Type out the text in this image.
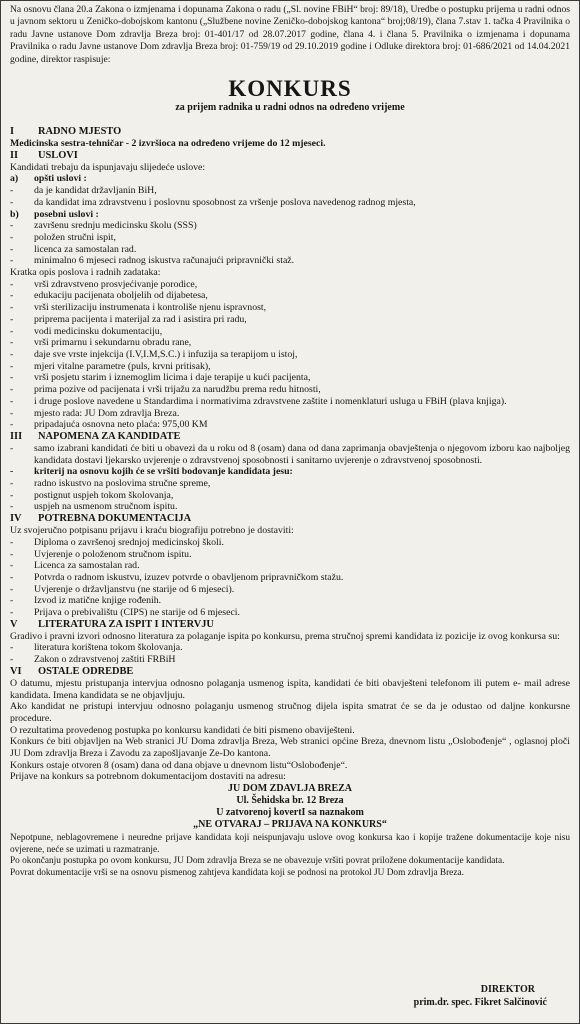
Na osnovu člana 20.a Zakona o izmjenama i dopunama Zakona o radu („Sl. novine FBiH“ broj: 89/18), Uredbe o postupku prijema u radni odnos u javnom sektoru u Zeničko-dobojskom kantonu („Službene novine Zeničko-dobojskog kantona“ broj;08/19), člana 7.stav 1. tačka 4 Pravilnika o radu Javne ustanove Dom zdravlja Breza broj: 01-401/17 od 28.07.2017 godine, člana 4. i člana 5. Pravilnika o izmjenama i dopunama Pravilnika o radu Javne ustanove Dom zdravlja Breza broj: 01-759/19 od 29.10.2019 godine i Odluke direktora broj: 01-686/2021 od 14.04.2021 godine, direktor raspisuje:

KONKURS
za prijem radnika u radni odnos na određeno vrijeme
I	RADNO MJESTO

Medicinska sestra-tehničar - 2 izvršioca na određeno vrijeme do 12 mjeseci.

II	USLOVI

Kandidati trebaju da ispunjavaju slijedeće uslove:

a)	opšti uslovi :
-	da je kandidat državljanin BiH,
-	da kandidat ima zdravstvenu i poslovnu sposobnost za vršenje poslova navedenog radnog mjesta,
b)	posebni uslovi :
-	završenu srednju medicinsku školu (SSS)
-	položen stručni ispit,
-	licenca za samostalan rad.
-	minimalno 6 mjeseci radnog iskustva računajući pripravnički staž.

Kratka opis poslova i radnih zadataka:

-	vrši zdravstveno prosvjećivanje porodice,
-	edukaciju pacijenata oboljelih od dijabetesa,
-	vrši sterilizaciju instrumenata i kontroliše njenu ispravnost,
-	priprema pacijenta i materijal za rad i asistira pri radu,
-	vodi medicinsku dokumentaciju,
-	vrši primarnu i sekundarnu obradu rane,
-	daje sve vrste injekcija (I.V,I.M,S.C.) i infuzija sa terapijom u istoj,
-	mjeri vitalne parametre (puls, krvni pritisak),
-	vrši posjetu starim i iznemoglim licima i daje terapije u kući pacijenta,
-	prima pozive od pacijenata i vrši trijažu za narudžbu prema redu hitnosti,
-	i druge poslove navedene u Standardima i normativima zdravstvene zaštite i nomenklaturi usluga u FBiH (plava knjiga).
-	mjesto rada: JU Dom zdravlja Breza.
-	pripadajuća osnovna neto plaća: 975,00 KM
III	NAPOMENA ZA KANDIDATE
-	samo izabrani kandidati će biti u obavezi da u roku od 8 (osam) dana od dana zaprimanja obavještenja o njegovom izboru kao najboljeg kandidata dostavi ljekarsko uvjerenje o zdravstvenoj sposobnosti i sanitarno uvjerenje o zdravstvenoj sposobnosti.
-	kriterij na osnovu kojih će se vršiti bodovanje kandidata jesu:
-	radno iskustvo na poslovima stručne spreme,
-	postignut uspjeh tokom školovanja,
-	uspjeh na usmenom stručnom ispitu.
IV	POTREBNA DOKUMENTACIJA

Uz svojeručno potpisanu prijavu i kraću biografiju potrebno je dostaviti:

-	Diploma o završenoj srednjoj medicinskoj školi.
-	Uvjerenje o položenom stručnom ispitu.
-	Licenca za samostalan rad.
-	Potvrda o radnom iskustvu, izuzev potvrde o obavljenom pripravničkom stažu.
-	Uvjerenje o državljanstvu (ne starije od 6 mjeseci).
-	Izvod iz matične knjige rođenih.
-	Prijava o prebivalištu (CIPS) ne starije od 6 mjeseci.
V	LITERATURA ZA ISPIT I INTERVJU

Gradivo i pravni izvori odnosno literatura za polaganje ispita po konkursu, prema stručnoj spremi kandidata iz pozicije iz ovog konkursa su:

-	literatura korištena tokom školovanja.
-	Zakon o zdravstvenoj zaštiti FRBiH
VI	OSTALE ODREDBE

O datumu, mjestu pristupanja intervjua odnosno polaganja usmenog ispita, kandidati će biti obavješteni telefonom ili putem e- mail adrese kandidata. Imena kandidata se ne objavljuju.

Ako kandidat ne pristupi intervjuu odnosno polaganju usmenog stručnog dijela ispita smatrat će se da je odustao od daljne konkursne procedure.

O rezultatima provedenog postupka po konkursu kandidati će biti pismeno obaviješteni.

Konkurs će biti objavljen na Web stranici JU Doma zdravlja Breza, Web stranici općine Breza, dnevnom listu „Oslobođenje“ , oglasnoj ploči JU Dom zdravlja Breza i Zavodu za zapošljavanje Ze-Do kantona.

Konkurs ostaje otvoren 8 (osam) dana od dana objave u dnevnom listu“Oslobođenje“.

Prijave na konkurs sa potrebnom dokumentacijom dostaviti na adresu:

JU DOM ZDAVLJA BREZA
Ul. Šehidska br. 12 Breza
U zatvorenoj kovertI sa naznakom
„NE OTVARAJ – PRIJAVA NA KONKURS“

Nepotpune, neblagovremene i neuredne prijave kandidata koji neispunjavaju uslove ovog konkursa kao i kopije tražene dokumentacije koje nisu ovjerene, neće se uzimati u razmatranje.

Po okončanju postupka po ovom konkursu, JU Dom zdravlja Breza se ne obavezuje vršiti povrat priložene dokumentacije kandidata.

Povrat dokumentacije vrši se na osnovu pismenog zahtjeva kandidata koji se podnosi na protokol JU Dom zdravlja Breza.

DIREKTOR
prim.dr. spec. Fikret Salčinović
